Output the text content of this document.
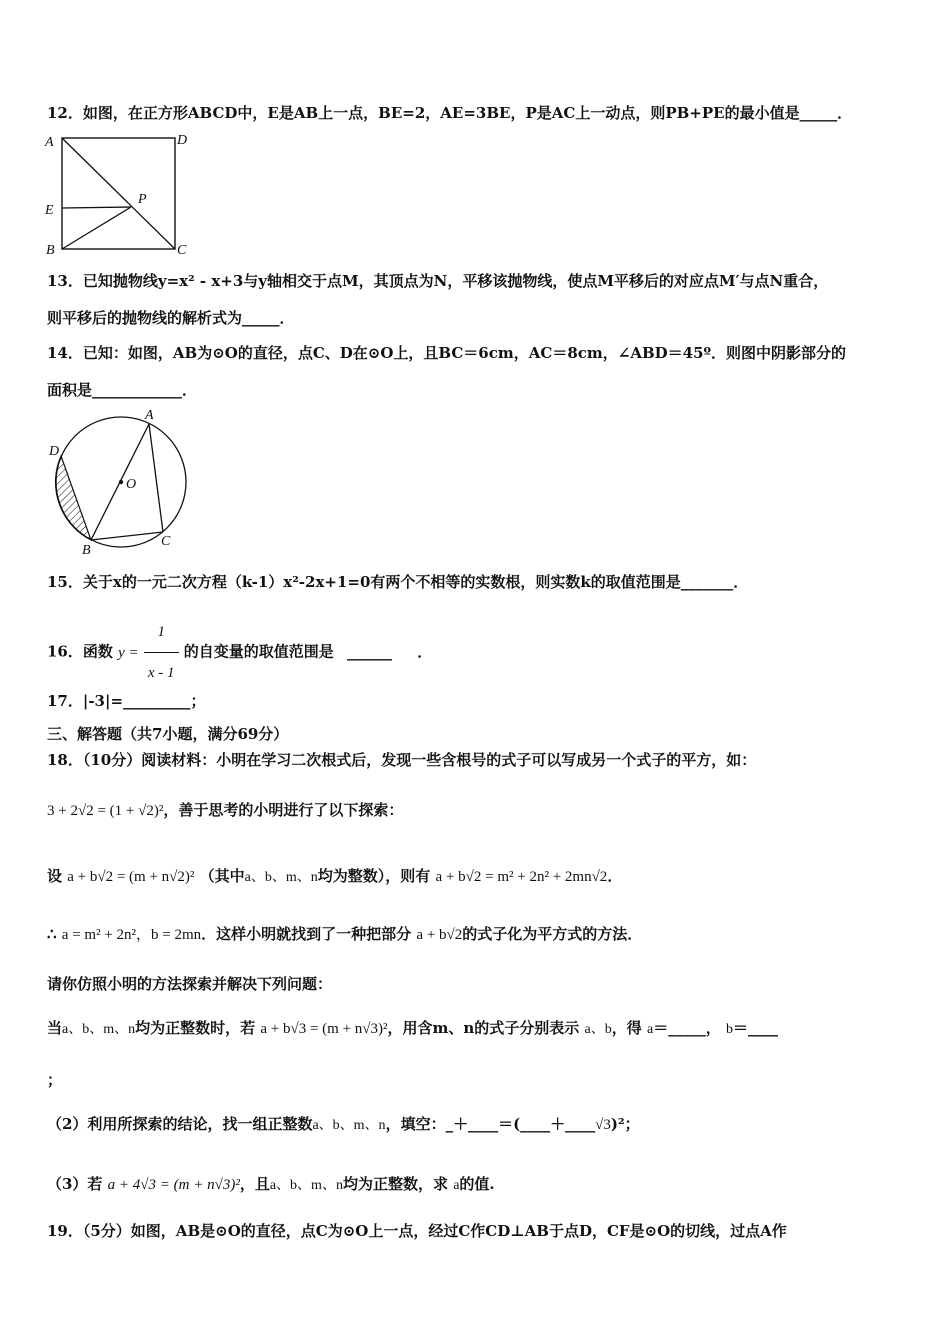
12．如图，在正方形ABCD中，E是AB上一点，BE=2，AE=3BE，P是AC上一动点，则PB+PE的最小值是_____．
A	D
E
P
B	C
13．已知抛物线y=x² - x+3与y轴相交于点M，其顶点为N，平移该抛物线，使点M平移后的对应点M′与点N重合，
则平移后的抛物线的解析式为_____．
14．已知：如图，AB为⊙O的直径，点C、D在⊙O上，且BC＝6cm，AC＝8cm，∠ABD＝45º．则图中阴影部分的
面积是____________．
A
D
O
B
C
15．关于x的一元二次方程（k-1）x²-2x+1=0有两个不相等的实数根，则实数k的取值范围是_______．
16．函数 $y = \frac{1}{x - 1}$ 的自变量的取值范围是 ______ ．
17．|-3|=_________；
三、解答题（共7小题，满分69分）
18．（10分）阅读材料：小明在学习二次根式后，发现一些含根号的式子可以写成另一个式子的平方，如：
3 + 2√2 = (1 + √2)²，善于思考的小明进行了以下探索：
设 a + b√2 = (m + n√2)² （其中a、b、m、n均为整数），则有 a + b√2 = m² + 2n² + 2mn√2．
∴ a = m² + 2n²，b = 2mn．这样小明就找到了一种把部分 a + b√2的式子化为平方式的方法．
请你仿照小明的方法探索并解决下列问题：
当a、b、m、n均为正整数时，若 a + b√3 = (m + n√3)²，用含m、n的式子分别表示 a、b，得 a＝_____， b＝____
；
（2）利用所探索的结论，找一组正整数a、b、m、n，填空：_＋____＝(____＋____√3)²；
（3）若 a + 4√3 = (m + n√3)²，且a、b、m、n均为正整数，求 a的值.
19．（5分）如图，AB是⊙O的直径，点C为⊙O上一点，经过C作CD⊥AB于点D，CF是⊙O的切线，过点A作
